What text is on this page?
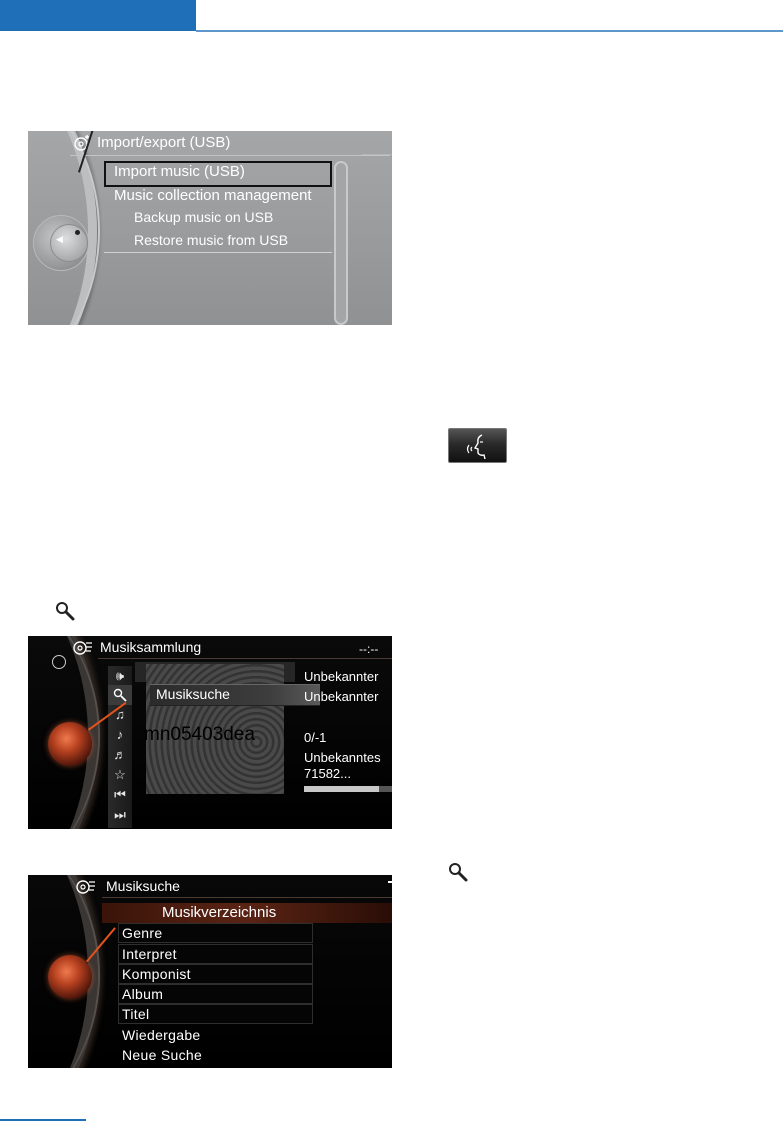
Import/export (USB)
Import music (USB)
Music collection management
Backup music on USB
Restore music from USB
◀
Musiksammlung	--:--
🕪
♫
♪
♬
☆
⏮
⏭
Musiksuche
mn05403dea
Unbekannter
Unbekannter
0/-1
Unbekanntes
71582...
Musiksuche
Musikverzeichnis
Genre
Interpret
Komponist
Album
Titel
Wiedergabe
Neue Suche
